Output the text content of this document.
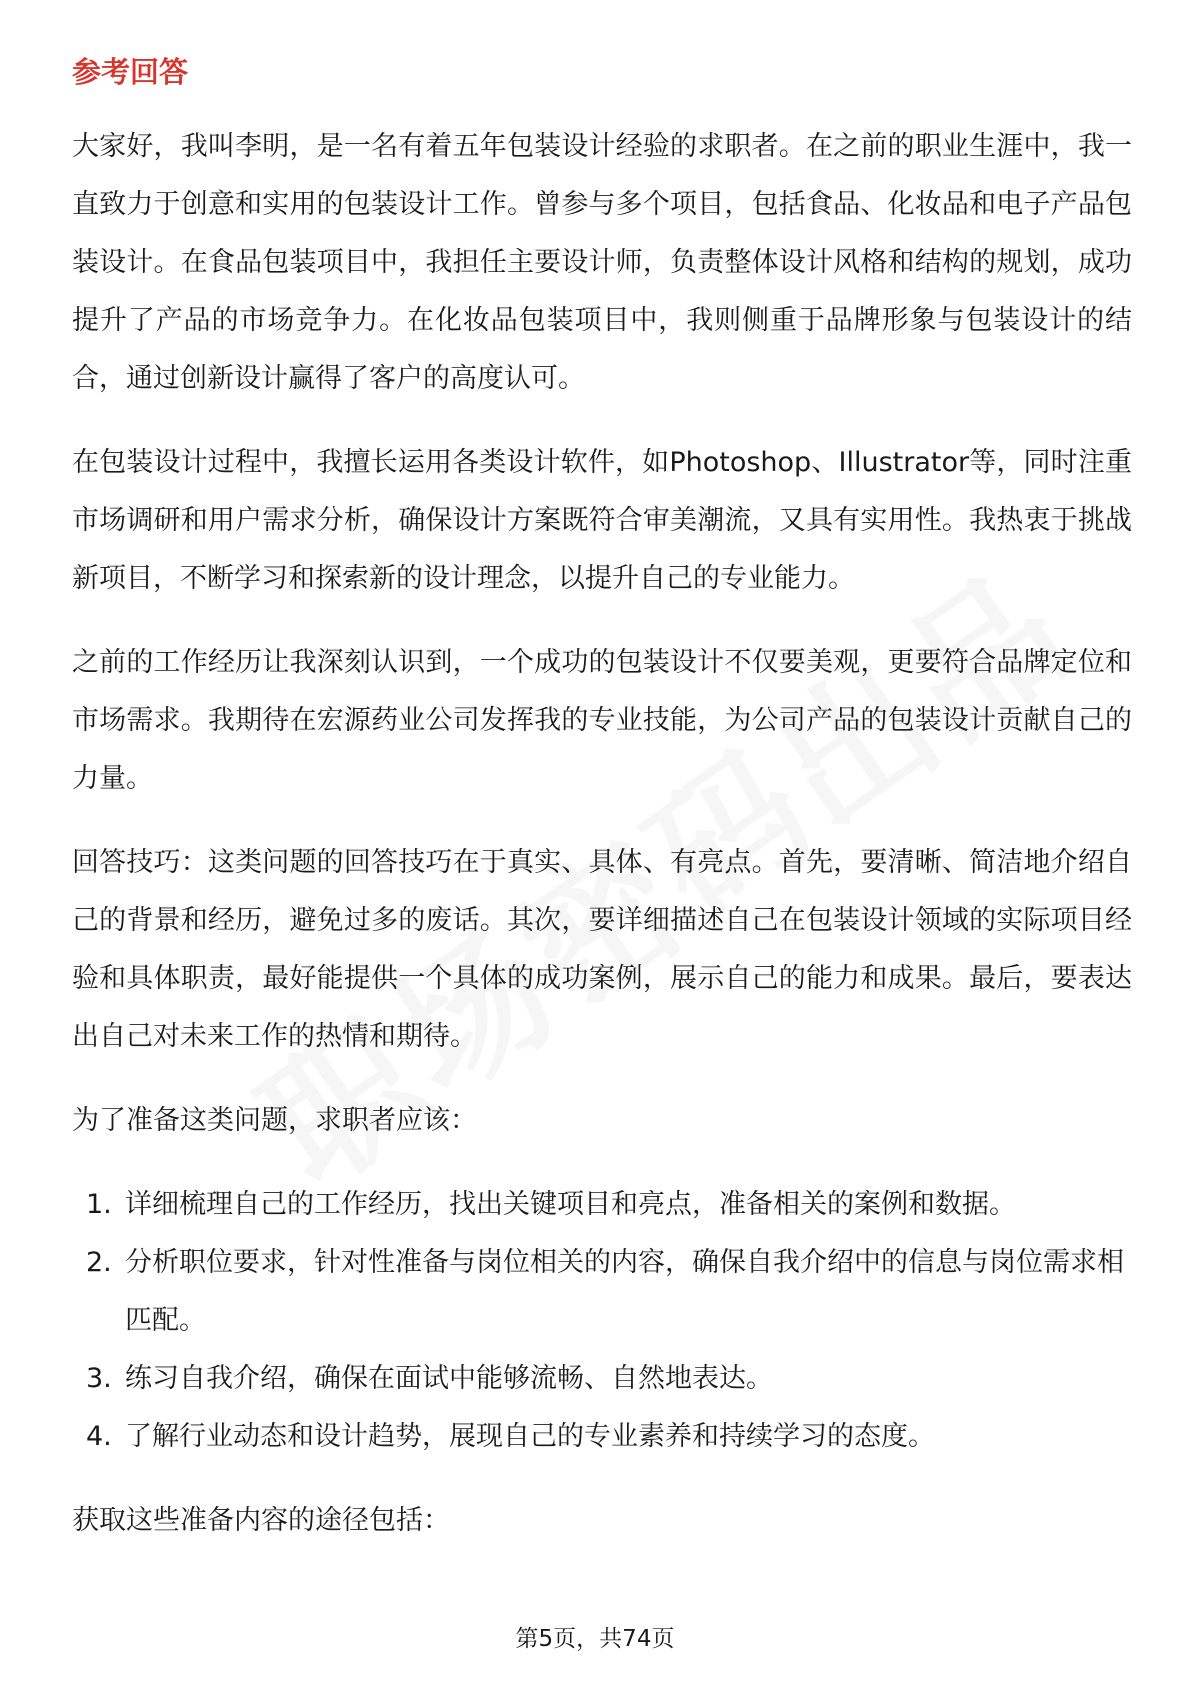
参考回答

大家好，我叫李明，是一名有着五年包装设计经验的求职者。在之前的职业生涯中，我一直致力于创意和实用的包装设计工作。曾参与多个项目，包括食品、化妆品和电子产品包装设计。在食品包装项目中，我担任主要设计师，负责整体设计风格和结构的规划，成功提升了产品的市场竞争力。在化妆品包装项目中，我则侧重于品牌形象与包装设计的结合，通过创新设计赢得了客户的高度认可。

在包装设计过程中，我擅长运用各类设计软件，如Photoshop、Illustrator等，同时注重市场调研和用户需求分析，确保设计方案既符合审美潮流，又具有实用性。我热衷于挑战新项目，不断学习和探索新的设计理念，以提升自己的专业能力。

之前的工作经历让我深刻认识到，一个成功的包装设计不仅要美观，更要符合品牌定位和市场需求。我期待在宏源药业公司发挥我的专业技能，为公司产品的包装设计贡献自己的力量。

回答技巧：这类问题的回答技巧在于真实、具体、有亮点。首先，要清晰、简洁地介绍自己的背景和经历，避免过多的废话。其次，要详细描述自己在包装设计领域的实际项目经验和具体职责，最好能提供一个具体的成功案例，展示自己的能力和成果。最后，要表达出自己对未来工作的热情和期待。

为了准备这类问题，求职者应该：

1. 详细梳理自己的工作经历，找出关键项目和亮点，准备相关的案例和数据。
2. 分析职位要求，针对性准备与岗位相关的内容，确保自我介绍中的信息与岗位需求相匹配。
3. 练习自我介绍，确保在面试中能够流畅、自然地表达。
4. 了解行业动态和设计趋势，展现自己的专业素养和持续学习的态度。

获取这些准备内容的途径包括：

第5页，共74页
